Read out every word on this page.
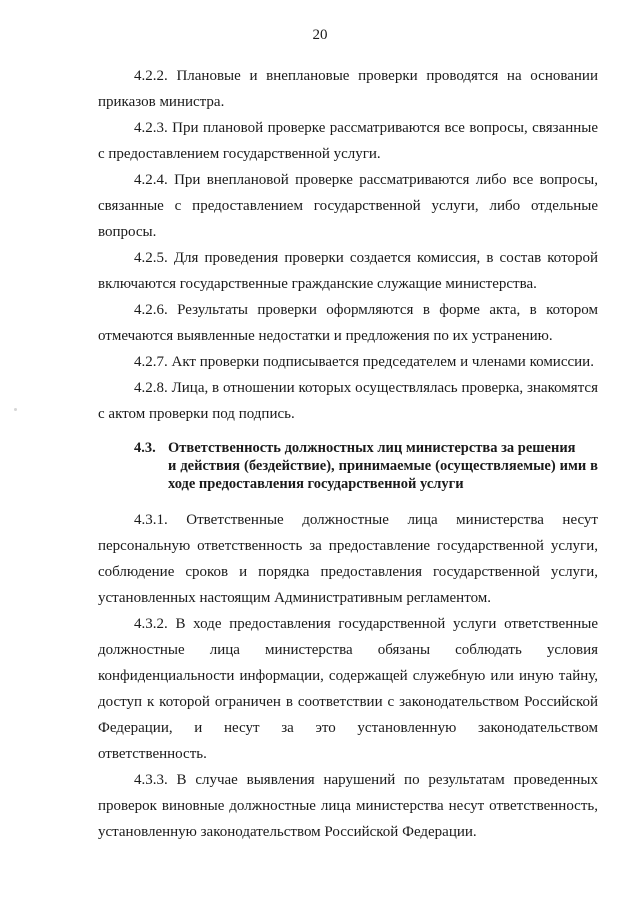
20

4.2.2. Плановые и внеплановые проверки проводятся на основании приказов министра.

4.2.3. При плановой проверке рассматриваются все вопросы, связанные с предоставлением государственной услуги.

4.2.4. При внеплановой проверке рассматриваются либо все вопросы, связанные с предоставлением государственной услуги, либо отдельные вопросы.

4.2.5. Для проведения проверки создается комиссия, в состав которой включаются государственные гражданские служащие министерства.

4.2.6. Результаты проверки оформляются в форме акта, в котором отмечаются выявленные недостатки и предложения по их устранению.

4.2.7. Акт проверки подписывается председателем и членами комиссии.

4.2.8. Лица, в отношении которых осуществлялась проверка, знакомятся с актом проверки под подпись.

4.3. Ответственность должностных лиц министерства за решения
и действия (бездействие), принимаемые (осуществляемые) ими в ходе предоставления государственной услуги

4.3.1. Ответственные должностные лица министерства несут персональную ответственность за предоставление государственной услуги, соблюдение сроков и порядка предоставления государственной услуги, установленных настоящим Административным регламентом.

4.3.2. В ходе предоставления государственной услуги ответственные должностные лица министерства обязаны соблюдать условия конфиденциальности информации, содержащей служебную или иную тайну, доступ к которой ограничен в соответствии с законодательством Российской Федерации, и несут за это установленную законодательством ответственность.

4.3.3. В случае выявления нарушений по результатам проведенных проверок виновные должностные лица министерства несут ответственность, установленную законодательством Российской Федерации.
